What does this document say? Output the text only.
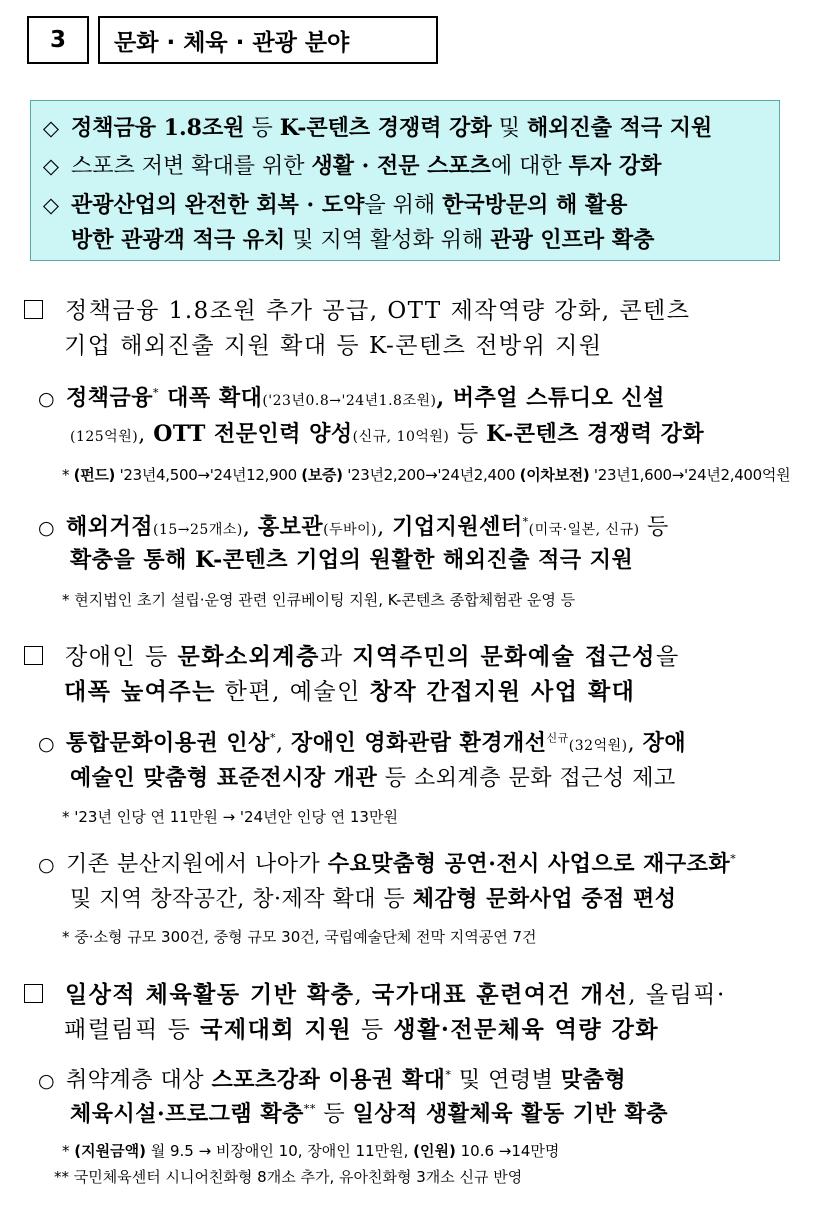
3	문화 · 체육 · 관광 분야
◇ 정책금융 1.8조원 등 K-콘텐츠 경쟁력 강화 및 해외진출 적극 지원
◇ 스포츠 저변 확대를 위한 생활 · 전문 스포츠에 대한 투자 강화
◇ 관광산업의 완전한 회복 · 도약을 위해 한국방문의 해 활용
방한 관광객 적극 유치 및 지역 활성화 위해 관광 인프라 확충
정책금융 1.8조원 추가 공급, OTT 제작역량 강화, 콘텐츠
기업 해외진출 지원 확대 등 K-콘텐츠 전방위 지원
○ 정책금융* 대폭 확대('23년0.8→'24년1.8조원), 버추얼 스튜디오 신설
(125억원), OTT 전문인력 양성(신규, 10억원) 등 K-콘텐츠 경쟁력 강화
* (펀드) '23년4,500→'24년12,900 (보증) '23년2,200→'24년2,400 (이차보전) '23년1,600→'24년2,400억원
○ 해외거점(15→25개소), 홍보관(두바이), 기업지원센터*(미국·일본, 신규) 등
확충을 통해 K-콘텐츠 기업의 원활한 해외진출 적극 지원
* 현지법인 초기 설립·운영 관련 인큐베이팅 지원, K-콘텐츠 종합체험관 운영 등
장애인 등 문화소외계층과 지역주민의 문화예술 접근성을
대폭 높여주는 한편, 예술인 창작 간접지원 사업 확대
○ 통합문화이용권 인상*, 장애인 영화관람 환경개선$^{신규}$(32억원), 장애
예술인 맞춤형 표준전시장 개관 등 소외계층 문화 접근성 제고
* '23년 인당 연 11만원 → '24년안 인당 연 13만원
○ 기존 분산지원에서 나아가 수요맞춤형 공연·전시 사업으로 재구조화*
및 지역 창작공간, 창·제작 확대 등 체감형 문화사업 중점 편성
* 중·소형 규모 300건, 중형 규모 30건, 국립예술단체 전막 지역공연 7건
일상적 체육활동 기반 확충, 국가대표 훈련여건 개선, 올림픽·
패럴림픽 등 국제대회 지원 등 생활·전문체육 역량 강화
○ 취약계층 대상 스포츠강좌 이용권 확대* 및 연령별 맞춤형
체육시설·프로그램 확충** 등 일상적 생활체육 활동 기반 확충
* (지원금액) 월 9.5 → 비장애인 10, 장애인 11만원, (인원) 10.6 →14만명
** 국민체육센터 시니어친화형 8개소 추가, 유아친화형 3개소 신규 반영
